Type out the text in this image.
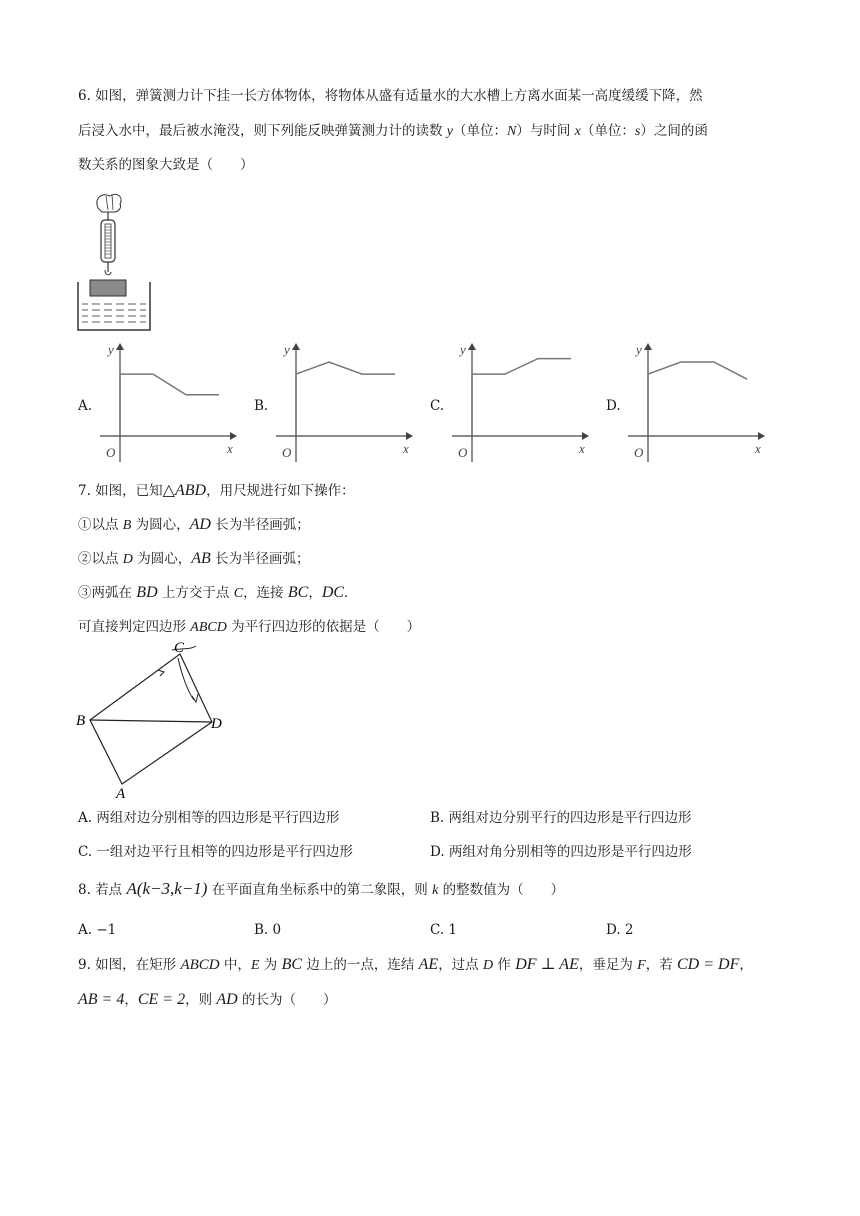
6. 如图，弹簧测力计下挂一长方体物体，将物体从盛有适量水的大水槽上方离水面某一高度缓缓下降，然
后浸入水中，最后被水淹没，则下列能反映弹簧测力计的读数 y（单位：N）与时间 x（单位：s）之间的函
数关系的图象大致是（　　）
A.
y
x
O
B.
y
x
O
C.
y
x
O
D.
y
x
O
7. 如图，已知△ABD，用尺规进行如下操作：
①以点 B 为圆心，AD 长为半径画弧；
②以点 D 为圆心，AB 长为半径画弧；
③两弧在 BD 上方交于点 C，连接 BC，DC．
可直接判定四边形 ABCD 为平行四边形的依据是（　　）
C
B	D
A
A. 两组对边分别相等的四边形是平行四边形	B. 两组对边分别平行的四边形是平行四边形
C. 一组对边平行且相等的四边形是平行四边形	D. 两组对角分别相等的四边形是平行四边形
8. 若点 A(k−3,k−1) 在平面直角坐标系中的第二象限，则 k 的整数值为（　　）
A. −1	B. 0	C. 1	D. 2
9. 如图，在矩形 ABCD 中，E 为 BC 边上的一点，连结 AE，过点 D 作 DF ⊥ AE，垂足为 F，若 CD = DF，
AB = 4，CE = 2，则 AD 的长为（　　）
